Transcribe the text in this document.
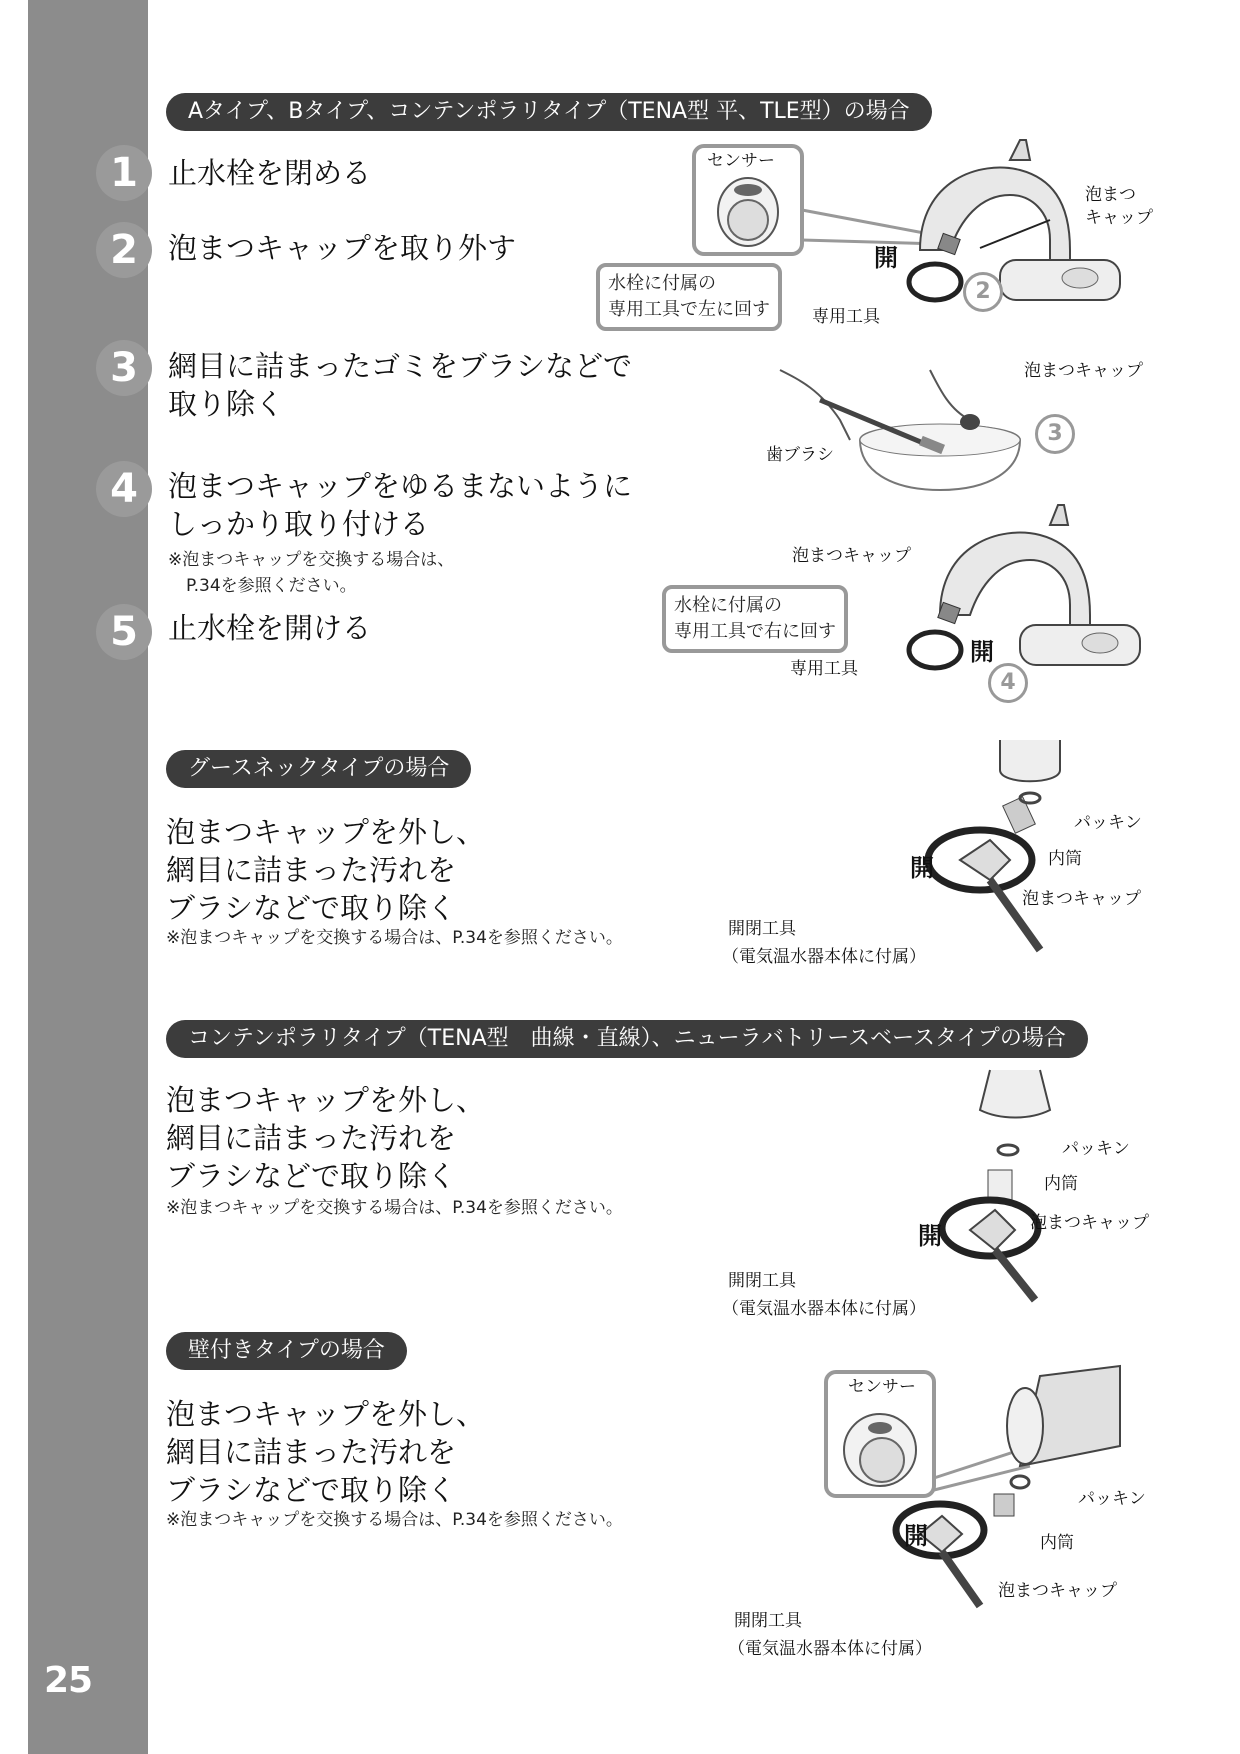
25
Aタイプ、Bタイプ、コンテンポラリタイプ（TENA型 平、TLE型）の場合
1	止水栓を閉める
2	泡まつキャップを取り外す
3	網目に詰まったゴミをブラシなどで
取り除く
4	泡まつキャップをゆるまないように
しっかり取り付ける
※泡まつキャップを交換する場合は、
P.34を参照ください。
5	止水栓を開ける
センサー
泡まつ
キャップ
開
水栓に付属の
専用工具で左に回す 専用工具
2
泡まつキャップ
歯ブラシ
3
泡まつキャップ
水栓に付属の
専用工具で右に回す
開
専用工具
4
グースネックタイプの場合
泡まつキャップを外し、
網目に詰まった汚れを
ブラシなどで取り除く
※泡まつキャップを交換する場合は、P.34を参照ください。
パッキン
内筒
開
泡まつキャップ
開閉工具
（電気温水器本体に付属）
コンテンポラリタイプ（TENA型　曲線・直線）、ニューラバトリースベースタイプの場合
泡まつキャップを外し、
網目に詰まった汚れを
ブラシなどで取り除く
※泡まつキャップを交換する場合は、P.34を参照ください。
パッキン
内筒
開	泡まつキャップ
開閉工具
（電気温水器本体に付属）
壁付きタイプの場合
泡まつキャップを外し、
網目に詰まった汚れを
ブラシなどで取り除く
※泡まつキャップを交換する場合は、P.34を参照ください。
センサー
パッキン
内筒
開
泡まつキャップ
開閉工具
（電気温水器本体に付属）
